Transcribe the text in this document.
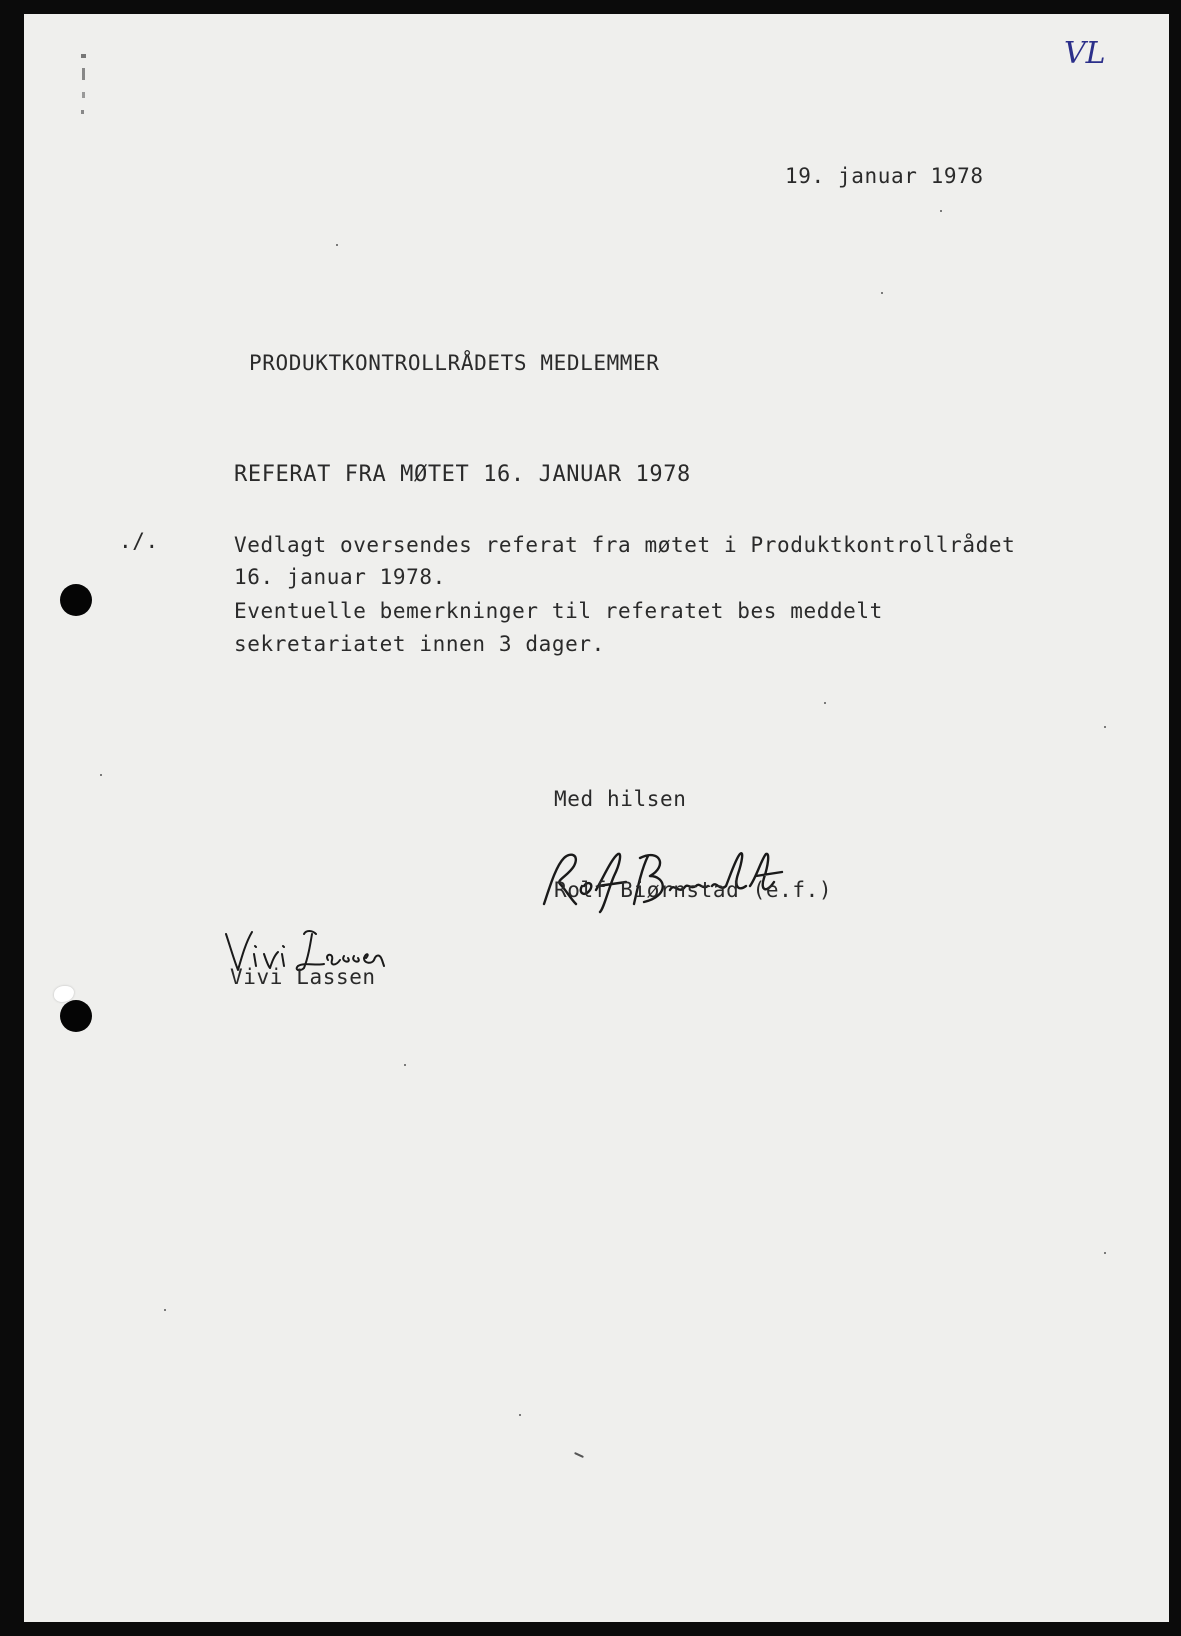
VL
19. januar 1978
PRODUKTKONTROLLRÅDETS MEDLEMMER
REFERAT FRA MØTET 16. JANUAR 1978
./.	Vedlagt oversendes referat fra møtet i Produktkontrollrådet
16. januar 1978.
Eventuelle bemerkninger til referatet bes meddelt
sekretariatet innen 3 dager.
Med hilsen
Rolf Biørnstad (e.f.)
Vivi Lassen
